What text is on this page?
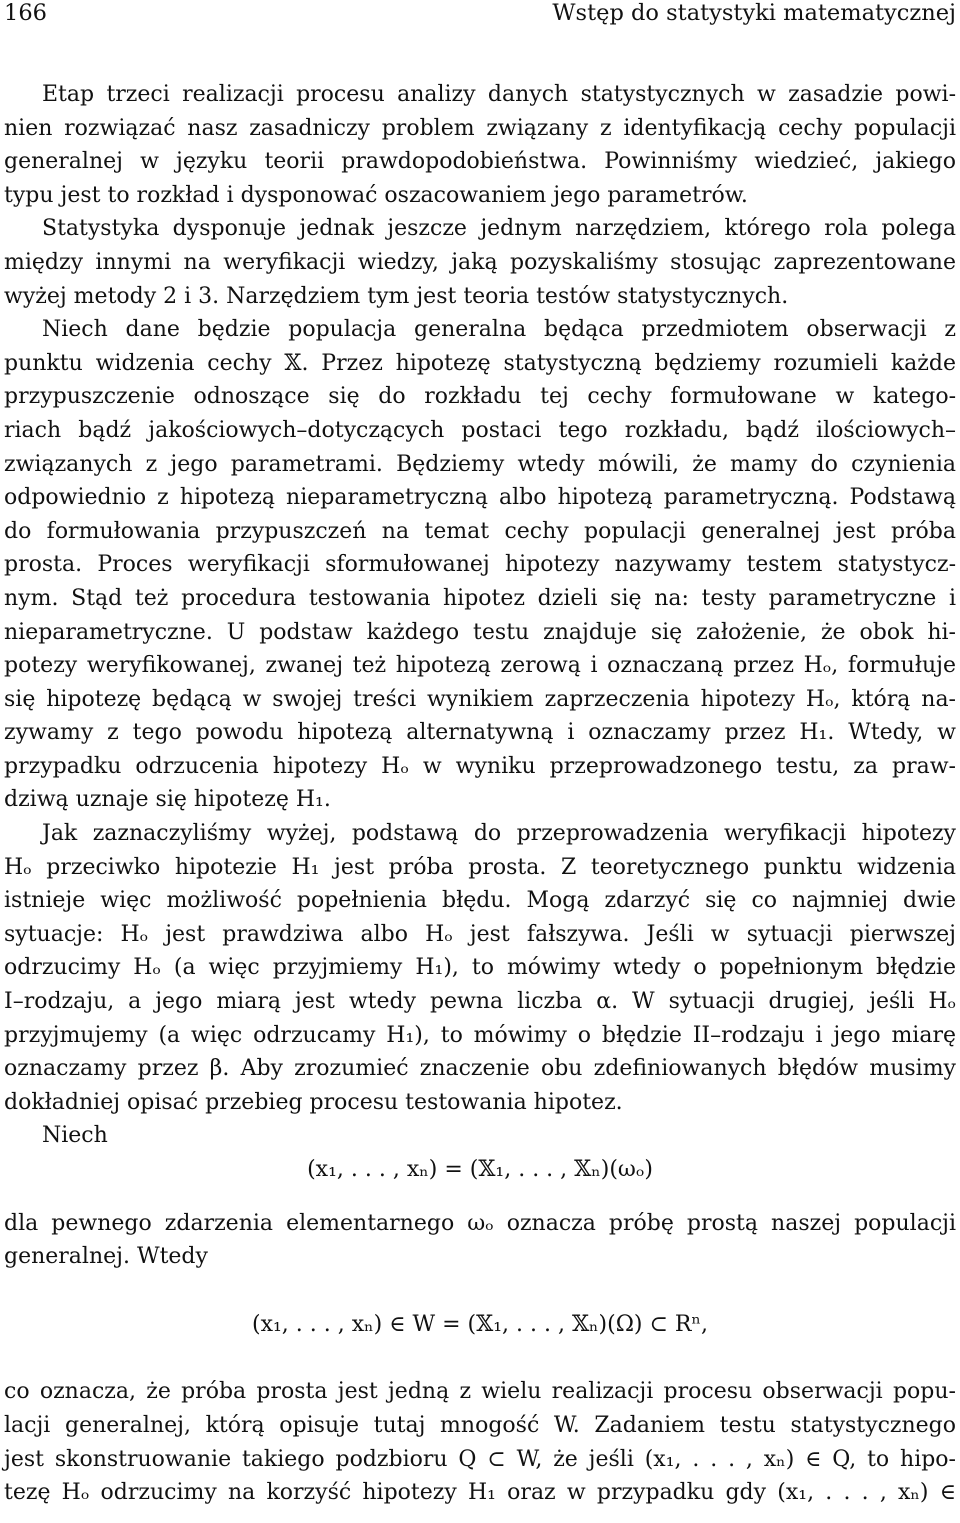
166	Wstęp do statystyki matematycznej
Etap trzeci realizacji procesu analizy danych statystycznych w zasadzie powi-
nien rozwiązać nasz zasadniczy problem związany z identyfikacją cechy populacji
generalnej w języku teorii prawdopodobieństwa. Powinniśmy wiedzieć, jakiego
typu jest to rozkład i dysponować oszacowaniem jego parametrów.
Statystyka dysponuje jednak jeszcze jednym narzędziem, którego rola polega
między innymi na weryfikacji wiedzy, jaką pozyskaliśmy stosując zaprezentowane
wyżej metody 2 i 3. Narzędziem tym jest teoria testów statystycznych.
Niech dane będzie populacja generalna będąca przedmiotem obserwacji z
punktu widzenia cechy 𝕏. Przez hipotezę statystyczną będziemy rozumieli każde
przypuszczenie odnoszące się do rozkładu tej cechy formułowane w katego-
riach bądź jakościowych–dotyczących postaci tego rozkładu, bądź ilościowych–
związanych z jego parametrami. Będziemy wtedy mówili, że mamy do czynienia
odpowiednio z hipotezą nieparametryczną albo hipotezą parametryczną. Podstawą
do formułowania przypuszczeń na temat cechy populacji generalnej jest próba
prosta. Proces weryfikacji sformułowanej hipotezy nazywamy testem statystycz-
nym. Stąd też procedura testowania hipotez dzieli się na: testy parametryczne i
nieparametryczne. U podstaw każdego testu znajduje się założenie, że obok hi-
potezy weryfikowanej, zwanej też hipotezą zerową i oznaczaną przez Hₒ, formułuje
się hipotezę będącą w swojej treści wynikiem zaprzeczenia hipotezy Hₒ, którą na-
zywamy z tego powodu hipotezą alternatywną i oznaczamy przez H₁. Wtedy, w
przypadku odrzucenia hipotezy Hₒ w wyniku przeprowadzonego testu, za praw-
dziwą uznaje się hipotezę H₁.
Jak zaznaczyliśmy wyżej, podstawą do przeprowadzenia weryfikacji hipotezy
Hₒ przeciwko hipotezie H₁ jest próba prosta. Z teoretycznego punktu widzenia
istnieje więc możliwość popełnienia błędu. Mogą zdarzyć się co najmniej dwie
sytuacje: Hₒ jest prawdziwa albo Hₒ jest fałszywa. Jeśli w sytuacji pierwszej
odrzucimy Hₒ (a więc przyjmiemy H₁), to mówimy wtedy o popełnionym błędzie
I–rodzaju, a jego miarą jest wtedy pewna liczba α. W sytuacji drugiej, jeśli Hₒ
przyjmujemy (a więc odrzucamy H₁), to mówimy o błędzie II–rodzaju i jego miarę
oznaczamy przez β. Aby zrozumieć znaczenie obu zdefiniowanych błędów musimy
dokładniej opisać przebieg procesu testowania hipotez.
Niech
(x₁, . . . , xₙ) = (𝕏₁, . . . , 𝕏ₙ)(ωₒ)
dla pewnego zdarzenia elementarnego ωₒ oznacza próbę prostą naszej populacji
generalnej. Wtedy
(x₁, . . . , xₙ) ∈ W = (𝕏₁, . . . , 𝕏ₙ)(Ω) ⊂ Rⁿ,
co oznacza, że próba prosta jest jedną z wielu realizacji procesu obserwacji popu-
lacji generalnej, którą opisuje tutaj mnogość W. Zadaniem testu statystycznego
jest skonstruowanie takiego podzbioru Q ⊂ W, że jeśli (x₁, . . . , xₙ) ∈ Q, to hipo-
tezę Hₒ odrzucimy na korzyść hipotezy H₁ oraz w przypadku gdy (x₁, . . . , xₙ) ∈
